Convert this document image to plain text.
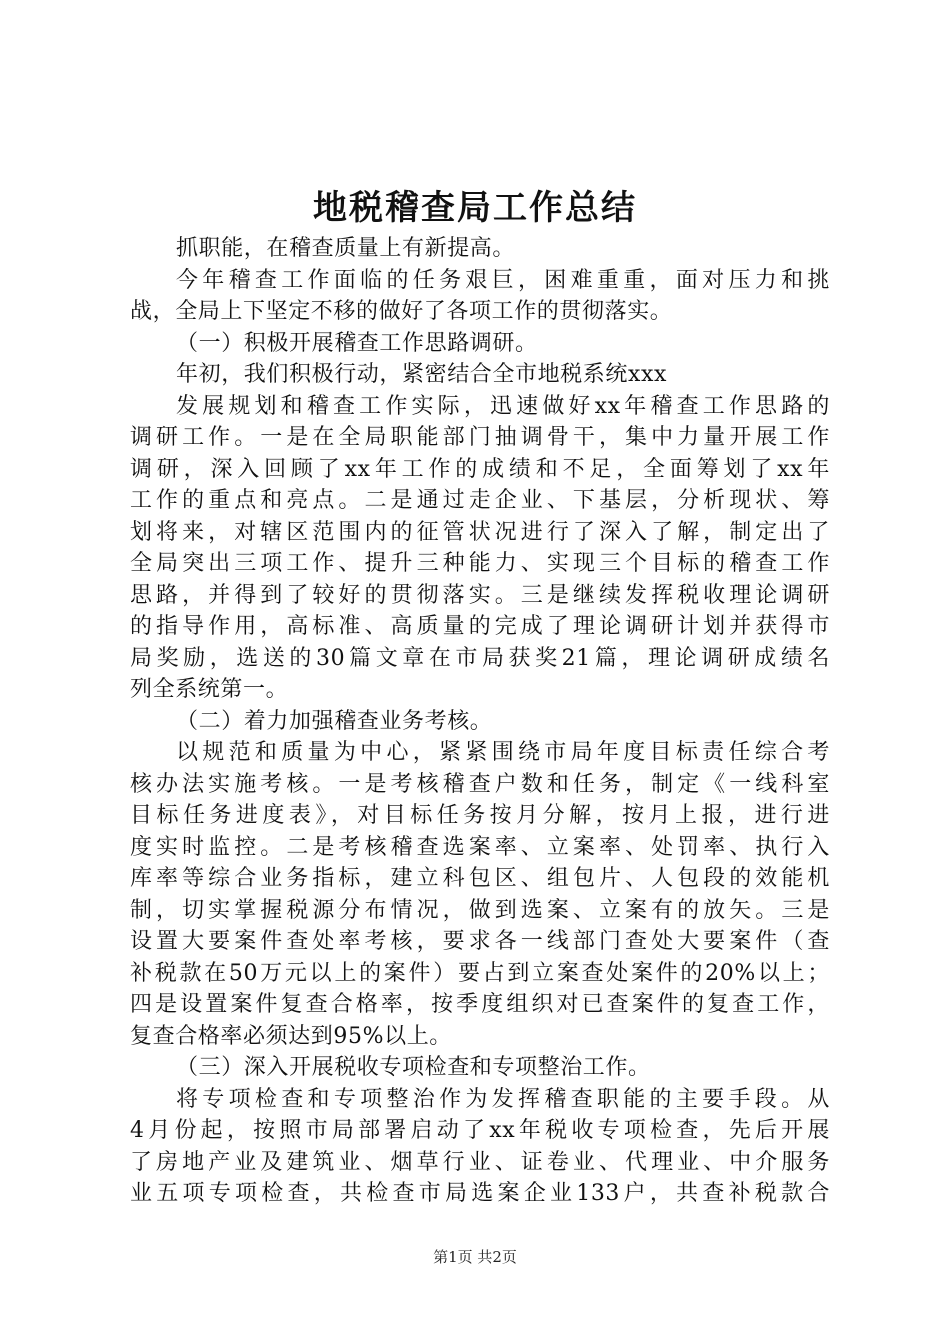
地税稽查局工作总结
抓职能，在稽查质量上有新提高。
今年稽查工作面临的任务艰巨，困难重重，面对压力和挑
战，全局上下坚定不移的做好了各项工作的贯彻落实。
（一）积极开展稽查工作思路调研。
年初，我们积极行动，紧密结合全市地税系统xxx
发展规划和稽查工作实际，迅速做好xx年稽查工作思路的
调研工作。一是在全局职能部门抽调骨干，集中力量开展工作
调研，深入回顾了xx年工作的成绩和不足，全面筹划了xx年
工作的重点和亮点。二是通过走企业、下基层，分析现状、筹
划将来，对辖区范围内的征管状况进行了深入了解，制定出了
全局突出三项工作、提升三种能力、实现三个目标的稽查工作
思路，并得到了较好的贯彻落实。三是继续发挥税收理论调研
的指导作用，高标准、高质量的完成了理论调研计划并获得市
局奖励，选送的30篇文章在市局获奖21篇，理论调研成绩名
列全系统第一。
（二）着力加强稽查业务考核。
以规范和质量为中心，紧紧围绕市局年度目标责任综合考
核办法实施考核。一是考核稽查户数和任务，制定《一线科室
目标任务进度表》，对目标任务按月分解，按月上报，进行进
度实时监控。二是考核稽查选案率、立案率、处罚率、执行入
库率等综合业务指标，建立科包区、组包片、人包段的效能机
制，切实掌握税源分布情况，做到选案、立案有的放矢。三是
设置大要案件查处率考核，要求各一线部门查处大要案件（查
补税款在50万元以上的案件）要占到立案查处案件的20%以上；
四是设置案件复查合格率，按季度组织对已查案件的复查工作，
复查合格率必须达到95%以上。
（三）深入开展税收专项检查和专项整治工作。
将专项检查和专项整治作为发挥稽查职能的主要手段。从
4月份起，按照市局部署启动了xx年税收专项检查，先后开展
了房地产业及建筑业、烟草行业、证卷业、代理业、中介服务
业五项专项检查，共检查市局选案企业133户，共查补税款合
第1页 共2页
